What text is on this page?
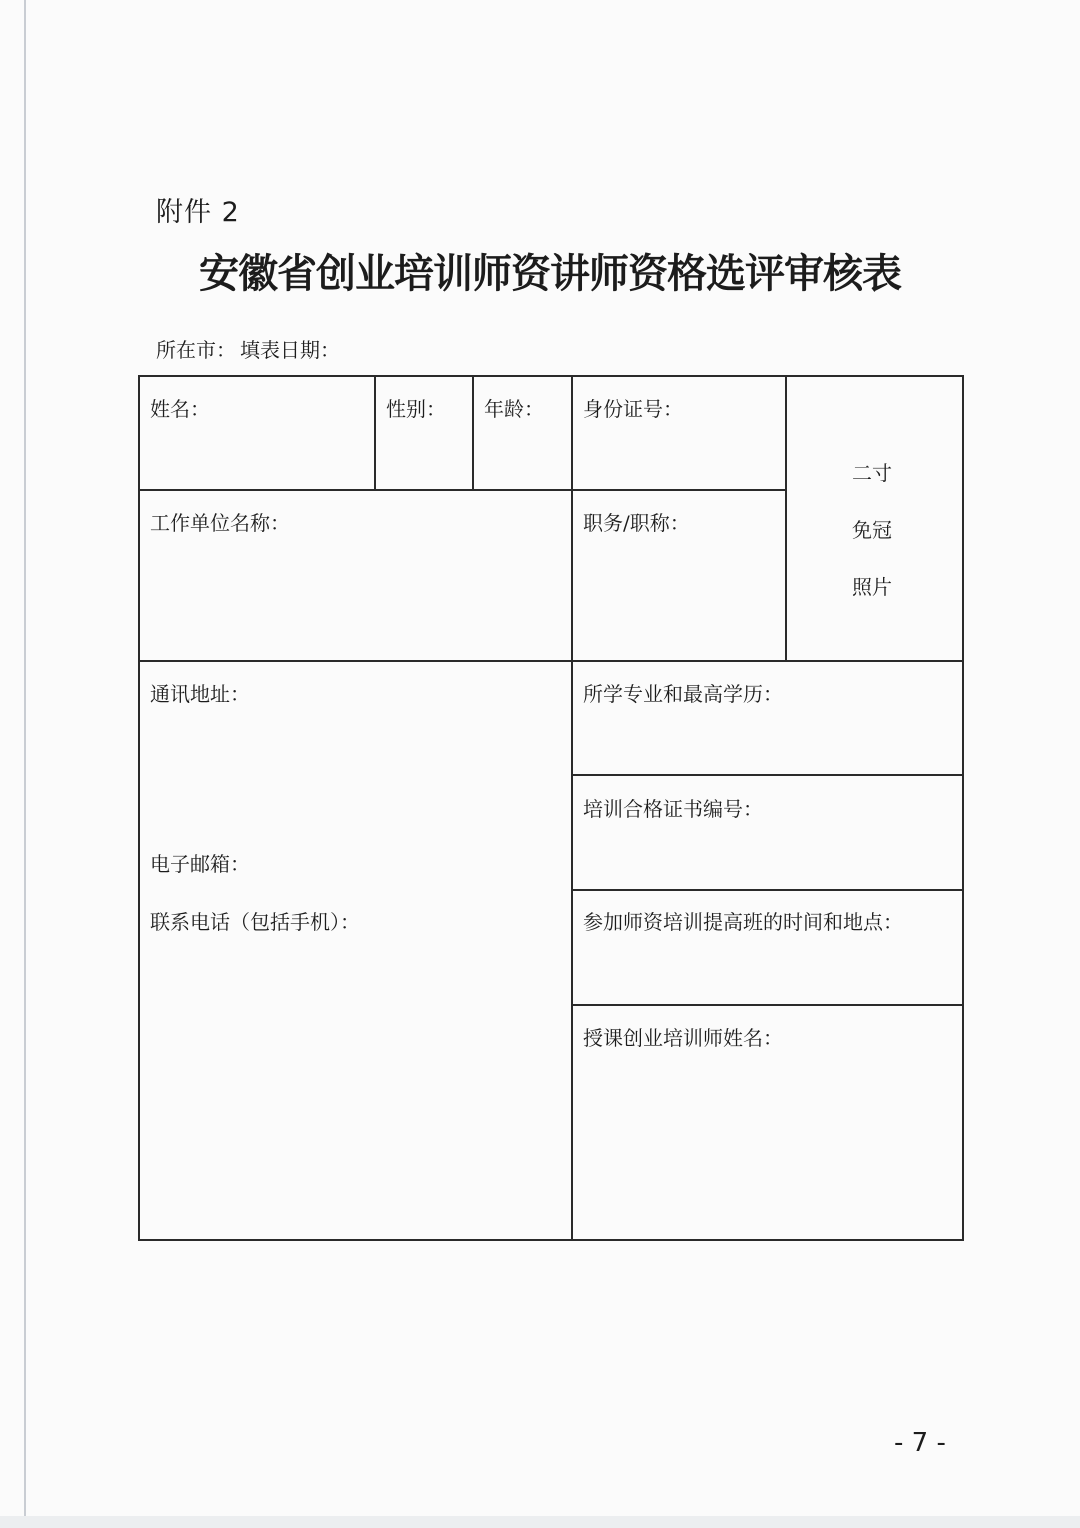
附件 2
安徽省创业培训师资讲师资格选评审核表
所在市： 填表日期：
姓名：	性别： 年龄： 身份证号：
工作单位名称：	职务/职称：
二寸
免冠
照片
通讯地址：	所学专业和最高学历：
培训合格证书编号：
电子邮箱：
联系电话（包括手机）：	参加师资培训提高班的时间和地点：
授课创业培训师姓名：
- 7 -
